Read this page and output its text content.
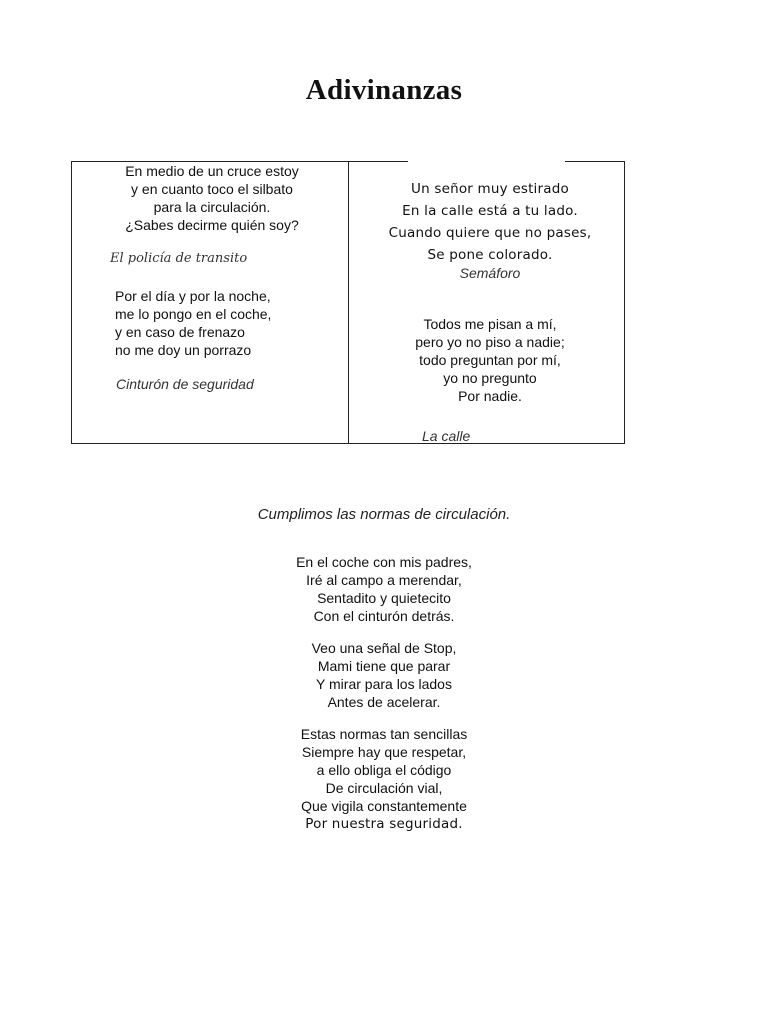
Adivinanzas

En medio de un cruce estoy
y en cuanto toco el silbato
para la circulación.
¿Sabes decirme quién soy?

El policía de transito

Por el día y por la noche,
me lo pongo en el coche,
y en caso de frenazo
no me doy un porrazo

Cinturón de seguridad

Un señor muy estirado
En la calle está a tu lado.
Cuando quiere que no pases,
Se pone colorado.

Semáforo

Todos me pisan a mí,
pero yo no piso a nadie;
todo preguntan por mí,
yo no pregunto
Por nadie.

La calle
Cumplimos las normas de circulación.

En el coche con mis padres,
Iré al campo a merendar,
Sentadito y quietecito
Con el cinturón detrás.

Veo una señal de Stop,
Mami tiene que parar
Y mirar para los lados
Antes de acelerar.

Estas normas tan sencillas
Siempre hay que respetar,
a ello obliga el código
De circulación vial,
Que vigila constantemente
Por nuestra seguridad.
